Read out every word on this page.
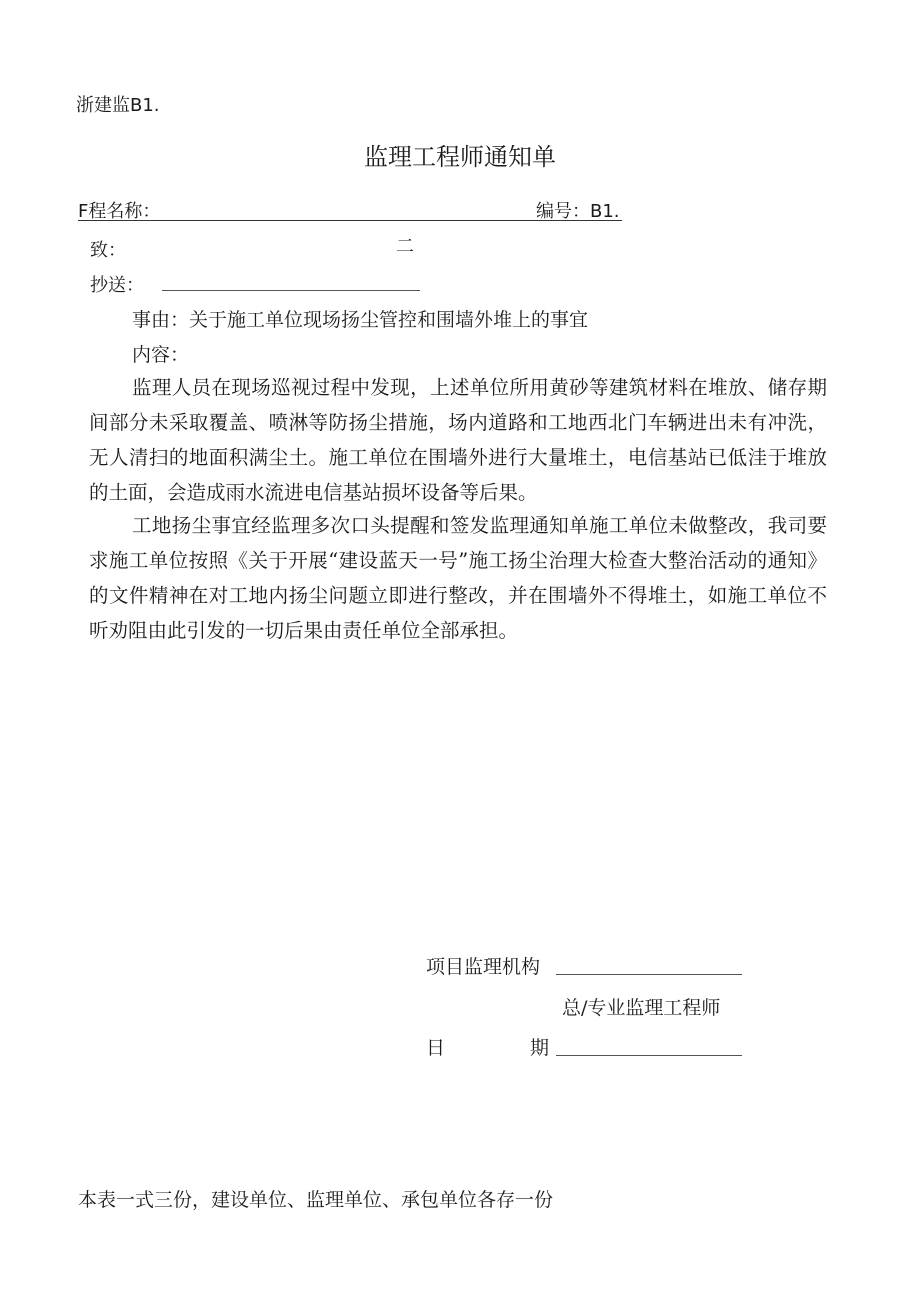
浙建监B1.
监理工程师通知单
F程名称：	编号：B1.
致：	二
抄送：
事由：关于施工单位现场扬尘管控和围墙外堆上的事宜
内容：

监理人员在现场巡视过程中发现，上述单位所用黄砂等建筑材料在堆放、储存期间部分未采取覆盖、喷淋等防扬尘措施，场内道路和工地西北门车辆进出未有冲洗，无人清扫的地面积满尘土。施工单位在围墙外进行大量堆土，电信基站已低洼于堆放的土面，会造成雨水流进电信基站损坏设备等后果。

工地扬尘事宜经监理多次口头提醒和签发监理通知单施工单位未做整改，我司要求施工单位按照《关于开展“建设蓝天一号”施工扬尘治理大检查大整治活动的通知》的文件精神在对工地内扬尘问题立即进行整改，并在围墙外不得堆土，如施工单位不听劝阻由此引发的一切后果由责任单位全部承担。

项目监理机构
总/专业监理工程师
日	期
本表一式三份，建设单位、监理单位、承包单位各存一份
